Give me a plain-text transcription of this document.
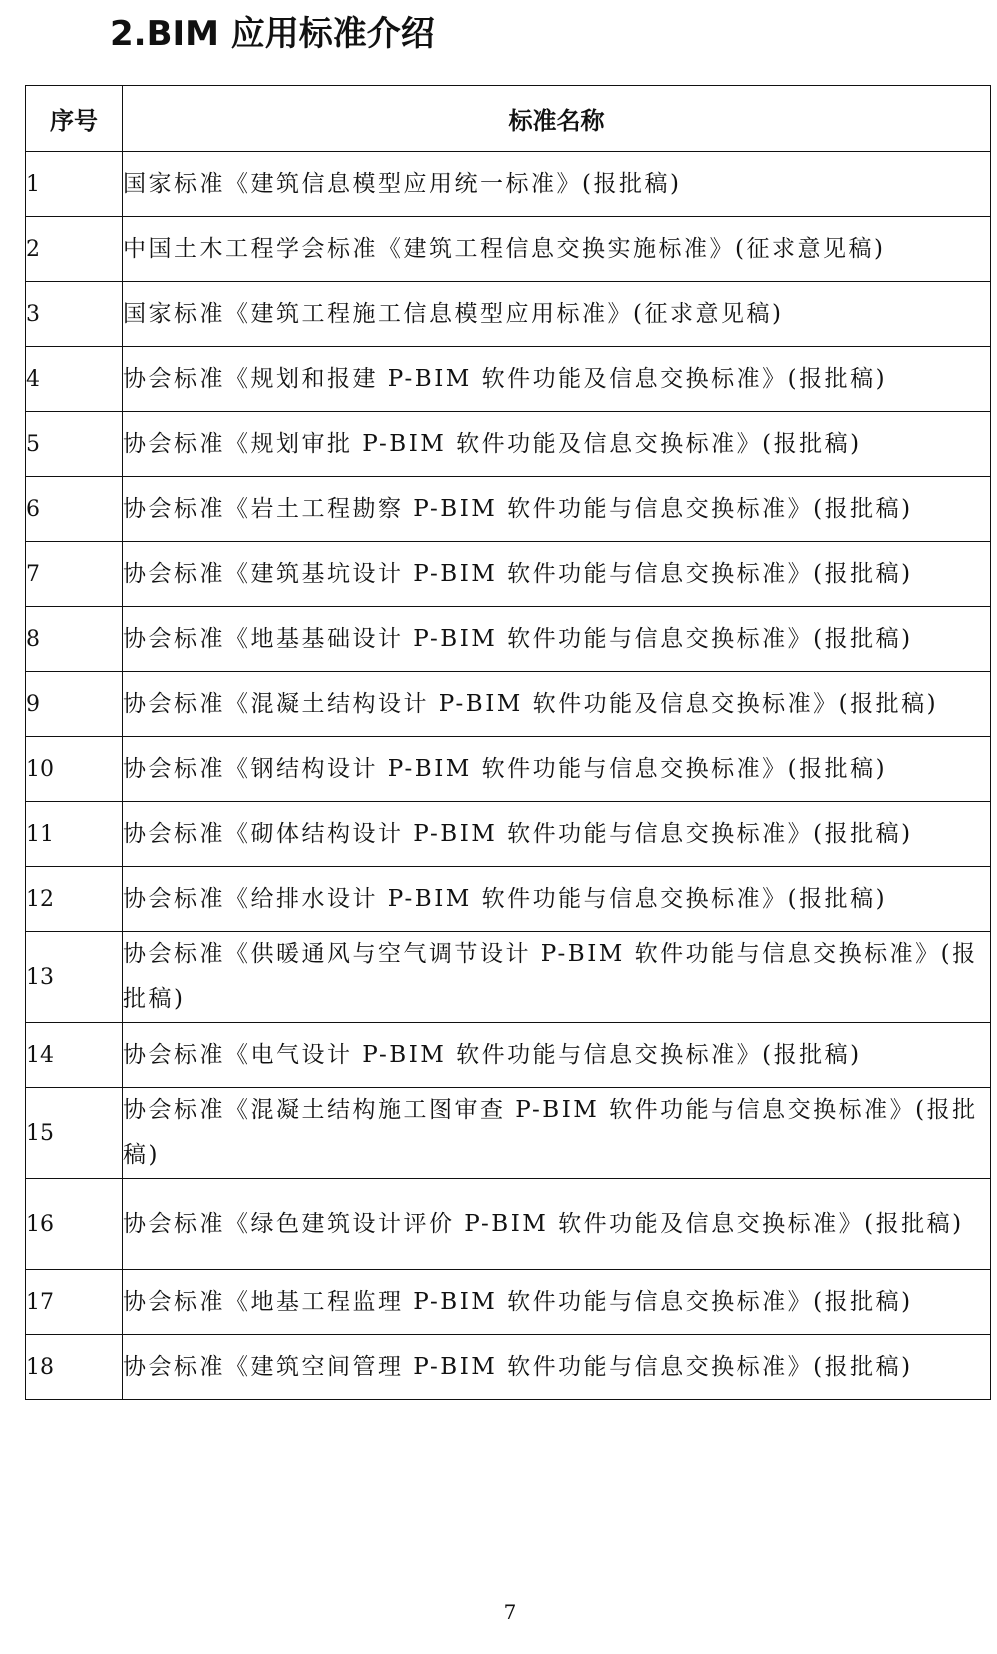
2.BIM 应用标准介绍
序号	标准名称
1	国家标准《建筑信息模型应用统一标准》(报批稿)
2	中国土木工程学会标准《建筑工程信息交换实施标准》(征求意见稿)
3	国家标准《建筑工程施工信息模型应用标准》(征求意见稿)
4	协会标准《规划和报建 P-BIM 软件功能及信息交换标准》(报批稿)
5	协会标准《规划审批 P-BIM 软件功能及信息交换标准》(报批稿)
6	协会标准《岩土工程勘察 P-BIM 软件功能与信息交换标准》(报批稿)
7	协会标准《建筑基坑设计 P-BIM 软件功能与信息交换标准》(报批稿)
8	协会标准《地基基础设计 P-BIM 软件功能与信息交换标准》(报批稿)
9	协会标准《混凝土结构设计 P-BIM 软件功能及信息交换标准》(报批稿)
10	协会标准《钢结构设计 P-BIM 软件功能与信息交换标准》(报批稿)
11	协会标准《砌体结构设计 P-BIM 软件功能与信息交换标准》(报批稿)
12	协会标准《给排水设计 P-BIM 软件功能与信息交换标准》(报批稿)
13	协会标准《供暖通风与空气调节设计 P-BIM 软件功能与信息交换标准》(报批稿)
14	协会标准《电气设计 P-BIM 软件功能与信息交换标准》(报批稿)
15	协会标准《混凝土结构施工图审查 P-BIM 软件功能与信息交换标准》(报批稿)
16	协会标准《绿色建筑设计评价 P-BIM 软件功能及信息交换标准》(报批稿)
17	协会标准《地基工程监理 P-BIM 软件功能与信息交换标准》(报批稿)
18	协会标准《建筑空间管理 P-BIM 软件功能与信息交换标准》(报批稿)
7
